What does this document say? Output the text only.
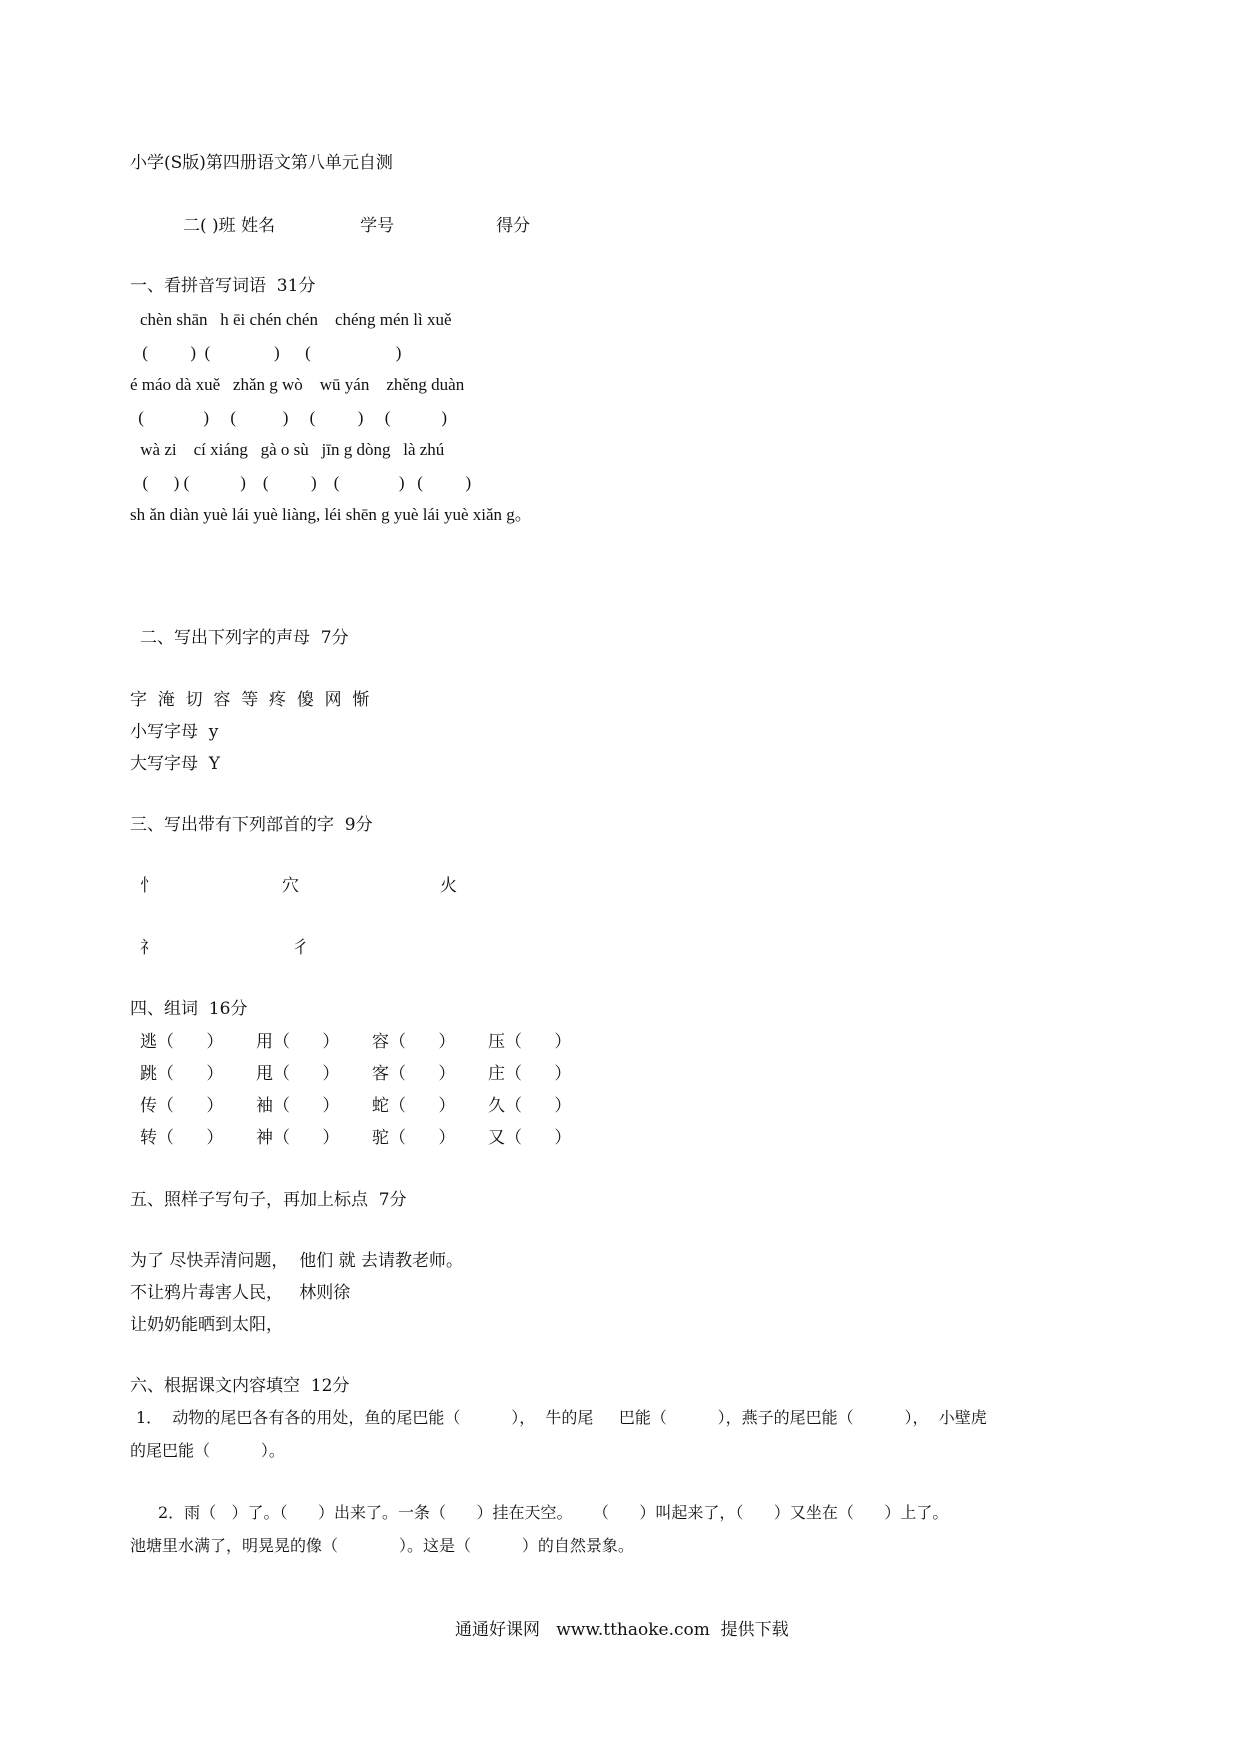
小学(S版)第四册语文第八单元自测
二( )班 姓名　　　　　学号　　　　　　得分
一、看拼音写词语  31分
chèn shān   h ēi chén chén    chéng mén lì xuě
(          )  (               )      (                    )
é máo dà xuě   zhǎn g wò    wū yán    zhěng duàn
(              )     (           )     (          )     (            )
wà zi    cí xiáng   gà o sù   jīn g dòng   là zhú
(      ) (            )    (          )    (              )   (          )
sh ǎn diàn yuè lái yuè liàng, léi shēn g yuè lái yuè xiǎn g。
二、写出下列字的声母  7分
字  淹  切  容  等  疼  傻  网  惭
小写字母  y
大写字母  Y
三、写出带有下列部首的字  9分
忄	穴	火
礻	彳
四、组词  16分
逃（      ） 用（      ） 容（      ） 压（      ）
跳（      ） 甩（      ） 客（      ） 庄（      ）
传（      ） 袖（      ） 蛇（      ） 久（      ）
转（      ） 神（      ） 驼（      ） 又（      ）
五、照样子写句子，再加上标点  7分
为了 尽快弄清问题，  他们 就 去请教老师。
不让鸦片毒害人民，   林则徐
让奶奶能晒到太阳，
六、根据课文内容填空  12分
1．  动物的尾巴各有各的用处，鱼的尾巴能（          ），  牛的尾     巴能（          ），燕子的尾巴能（          ），  小壁虎
的尾巴能（          ）。
2．雨（   ）了。（      ）出来了。一条（      ）挂在天空。    （      ）叫起来了，（      ）又坐在（      ）上了。
池塘里水满了，明晃晃的像（            ）。这是（          ）的自然景象。
通通好课网   www.tthaoke.com  提供下载
